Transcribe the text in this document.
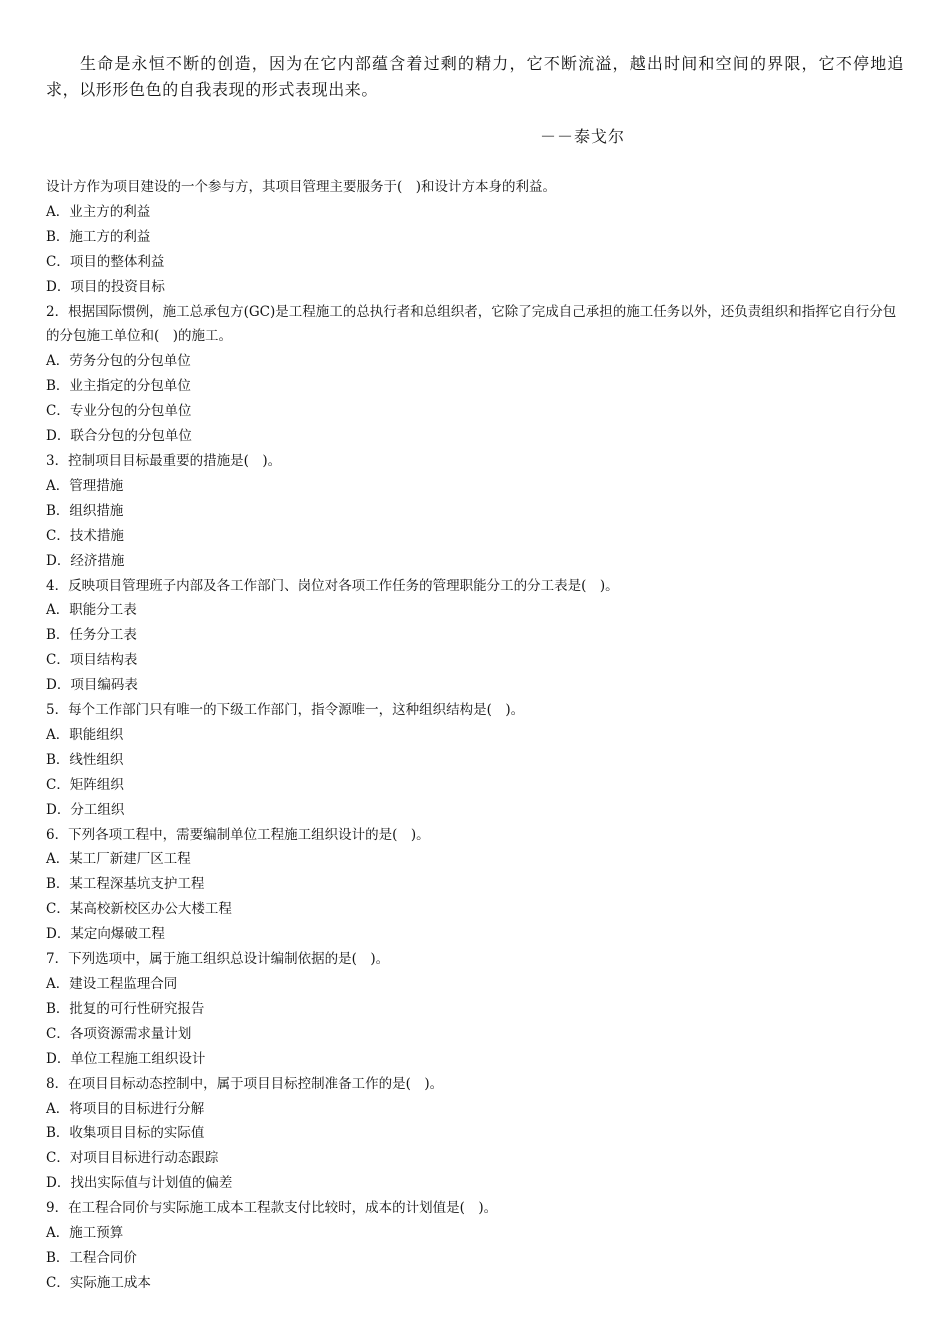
生命是永恒不断的创造，因为在它内部蕴含着过剩的精力，它不断流溢，越出时间和空间的界限，它不停地追求，以形形色色的自我表现的形式表现出来。

－－泰戈尔
设计方作为项目建设的一个参与方，其项目管理主要服务于(　)和设计方本身的利益。
A．业主方的利益
B．施工方的利益
C．项目的整体利益
D．项目的投资目标
2．根据国际惯例，施工总承包方(GC)是工程施工的总执行者和总组织者，它除了完成自己承担的施工任务以外，还负责组织和指挥它自行分包的分包施工单位和(　)的施工。
A．劳务分包的分包单位
B．业主指定的分包单位
C．专业分包的分包单位
D．联合分包的分包单位
3．控制项目目标最重要的措施是(　)。
A．管理措施
B．组织措施
C．技术措施
D．经济措施
4．反映项目管理班子内部及各工作部门、岗位对各项工作任务的管理职能分工的分工表是(　)。
A．职能分工表
B．任务分工表
C．项目结构表
D．项目编码表
5．每个工作部门只有唯一的下级工作部门，指令源唯一，这种组织结构是(　)。
A．职能组织
B．线性组织
C．矩阵组织
D．分工组织
6．下列各项工程中，需要编制单位工程施工组织设计的是(　)。
A．某工厂新建厂区工程
B．某工程深基坑支护工程
C．某高校新校区办公大楼工程
D．某定向爆破工程
7．下列选项中，属于施工组织总设计编制依据的是(　)。
A．建设工程监理合同
B．批复的可行性研究报告
C．各项资源需求量计划
D．单位工程施工组织设计
8．在项目目标动态控制中，属于项目目标控制准备工作的是(　)。
A．将项目的目标进行分解
B．收集项目目标的实际值
C．对项目目标进行动态跟踪
D．找出实际值与计划值的偏差
9．在工程合同价与实际施工成本工程款支付比较时，成本的计划值是(　)。
A．施工预算
B．工程合同价
C．实际施工成本
